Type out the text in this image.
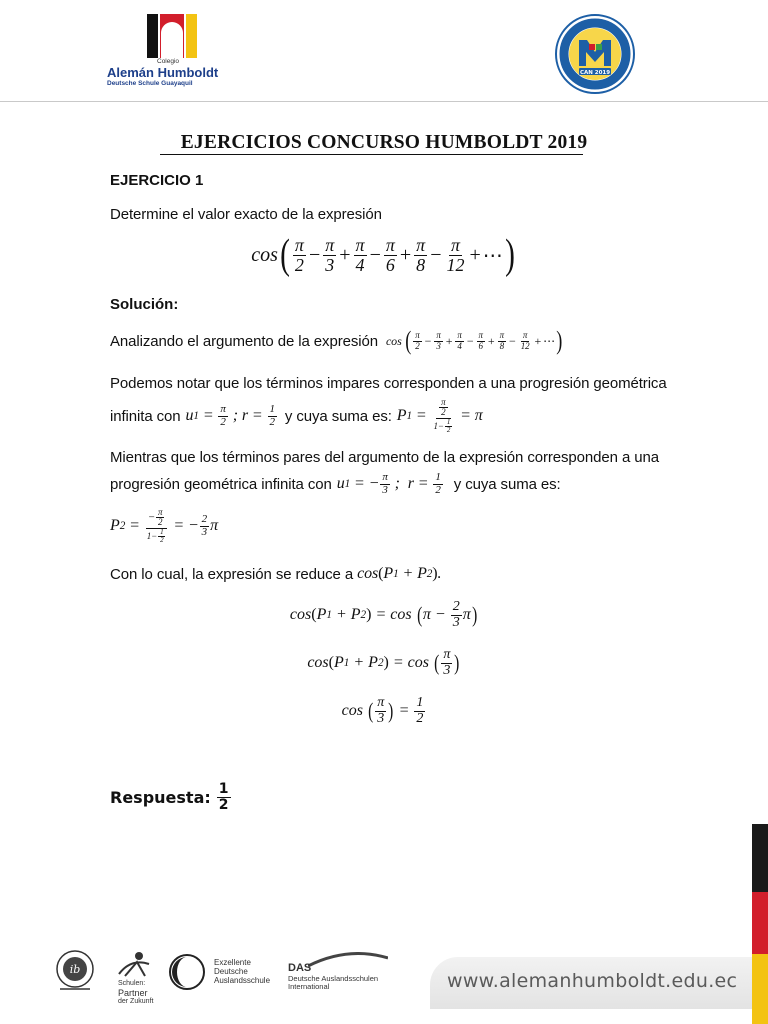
Colegio
Alemán Humboldt
Deutsche Schule Guayaquil
CAN 2019
EJERCICIOS CONCURSO HUMBOLDT 2019
EJERCICIO 1
Determine el valor exacto de la expresión
cos ( $\frac{\pi}{2} - \frac{\pi}{3} + \frac{\pi}{4} - \frac{\pi}{6} + \frac{\pi}{8} - \frac{\pi}{12}$ + ⋯ )
Solución:
Analizando el argumento de la expresión cos ( $\frac{\pi}{2} - \frac{\pi}{3} + \frac{\pi}{4} - \frac{\pi}{6} + \frac{\pi}{8} - \frac{\pi}{12}$ + ⋯ )
Podemos notar que los términos impares corresponden a una progresión geométrica
infinita con u $1 = \frac{\pi}{2}$ ; $r = \frac{1}{2}$ y cuya suma es: P $1 = \frac{\frac{\pi}{2}}{1- \frac{1}{2}} = \pi$
Mientras que los términos pares del argumento de la expresión corresponden a una
progresión geométrica infinita con u 1 = − $\frac{\pi}{3}$ ;  $r = \frac{1}{2}$ y cuya suma es:
P $2 = \frac{- \frac{\pi}{2}}{1- \frac{1}{2}}$ = − $\frac{2}{3}$ π
Con lo cual, la expresión se reduce a cos ( P 1 + P 2 ) .
cos ( P 1 + P 2 ) = cos ( $\pi - \frac{2}{3}$ π )
cos ( P 1 + P 2 ) = cos ( $\frac{\pi}{3}$ )
cos ( $\frac{\pi}{3}$ ) = $\frac{1}{2}$
Respuesta: $\frac{1}{2}$
ib
Schulen:
Partner
der Zukunft
Exzellente
Deutsche
Auslandsschule
DAS
Deutsche Auslandsschulen
International	www.alemanhumboldt.edu.ec
